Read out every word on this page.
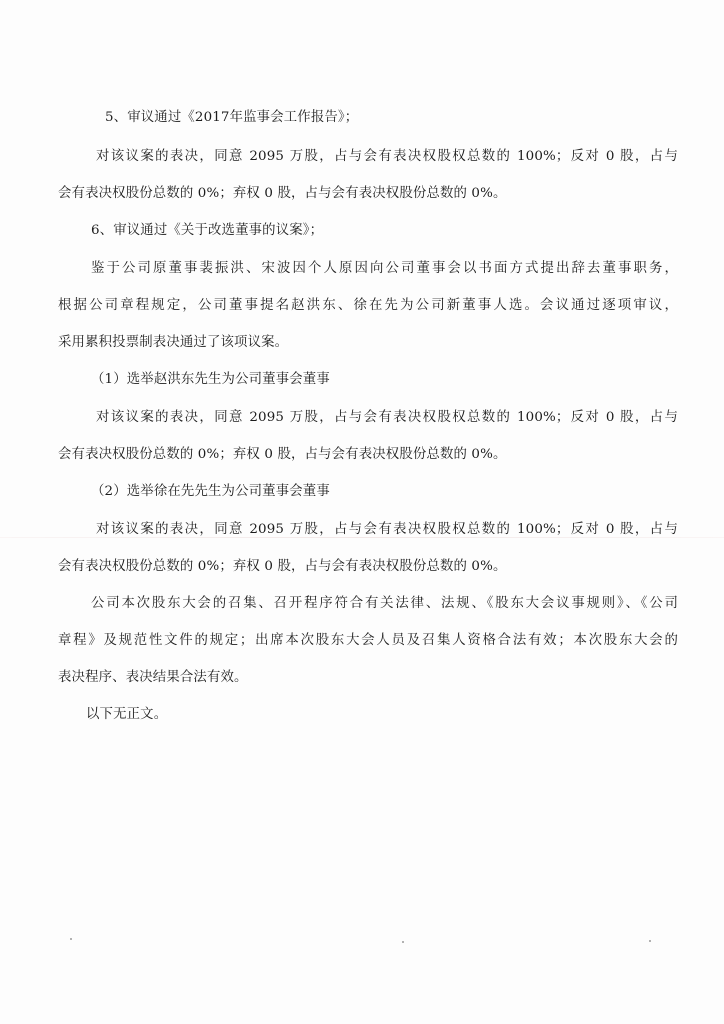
5、审议通过《2017年监事会工作报告》；

对该议案的表决，同意 2095 万股，占与会有表决权股权总数的 100%；反对 0 股，占与

会有表决权股份总数的 0%；弃权 0 股，占与会有表决权股份总数的 0%。

6、审议通过《关于改选董事的议案》；

鉴于公司原董事裴振洪、宋波因个人原因向公司董事会以书面方式提出辞去董事职务，

根据公司章程规定，公司董事提名赵洪东、徐在先为公司新董事人选。会议通过逐项审议，

采用累积投票制表决通过了该项议案。

（1）选举赵洪东先生为公司董事会董事

对该议案的表决，同意 2095 万股，占与会有表决权股权总数的 100%；反对 0 股，占与

会有表决权股份总数的 0%；弃权 0 股，占与会有表决权股份总数的 0%。

（2）选举徐在先先生为公司董事会董事

对该议案的表决，同意 2095 万股，占与会有表决权股权总数的 100%；反对 0 股，占与

会有表决权股份总数的 0%；弃权 0 股，占与会有表决权股份总数的 0%。

公司本次股东大会的召集、召开程序符合有关法律、法规、《股东大会议事规则》、《公司

章程》及规范性文件的规定；出席本次股东大会人员及召集人资格合法有效；本次股东大会的

表决程序、表决结果合法有效。

以下无正文。
